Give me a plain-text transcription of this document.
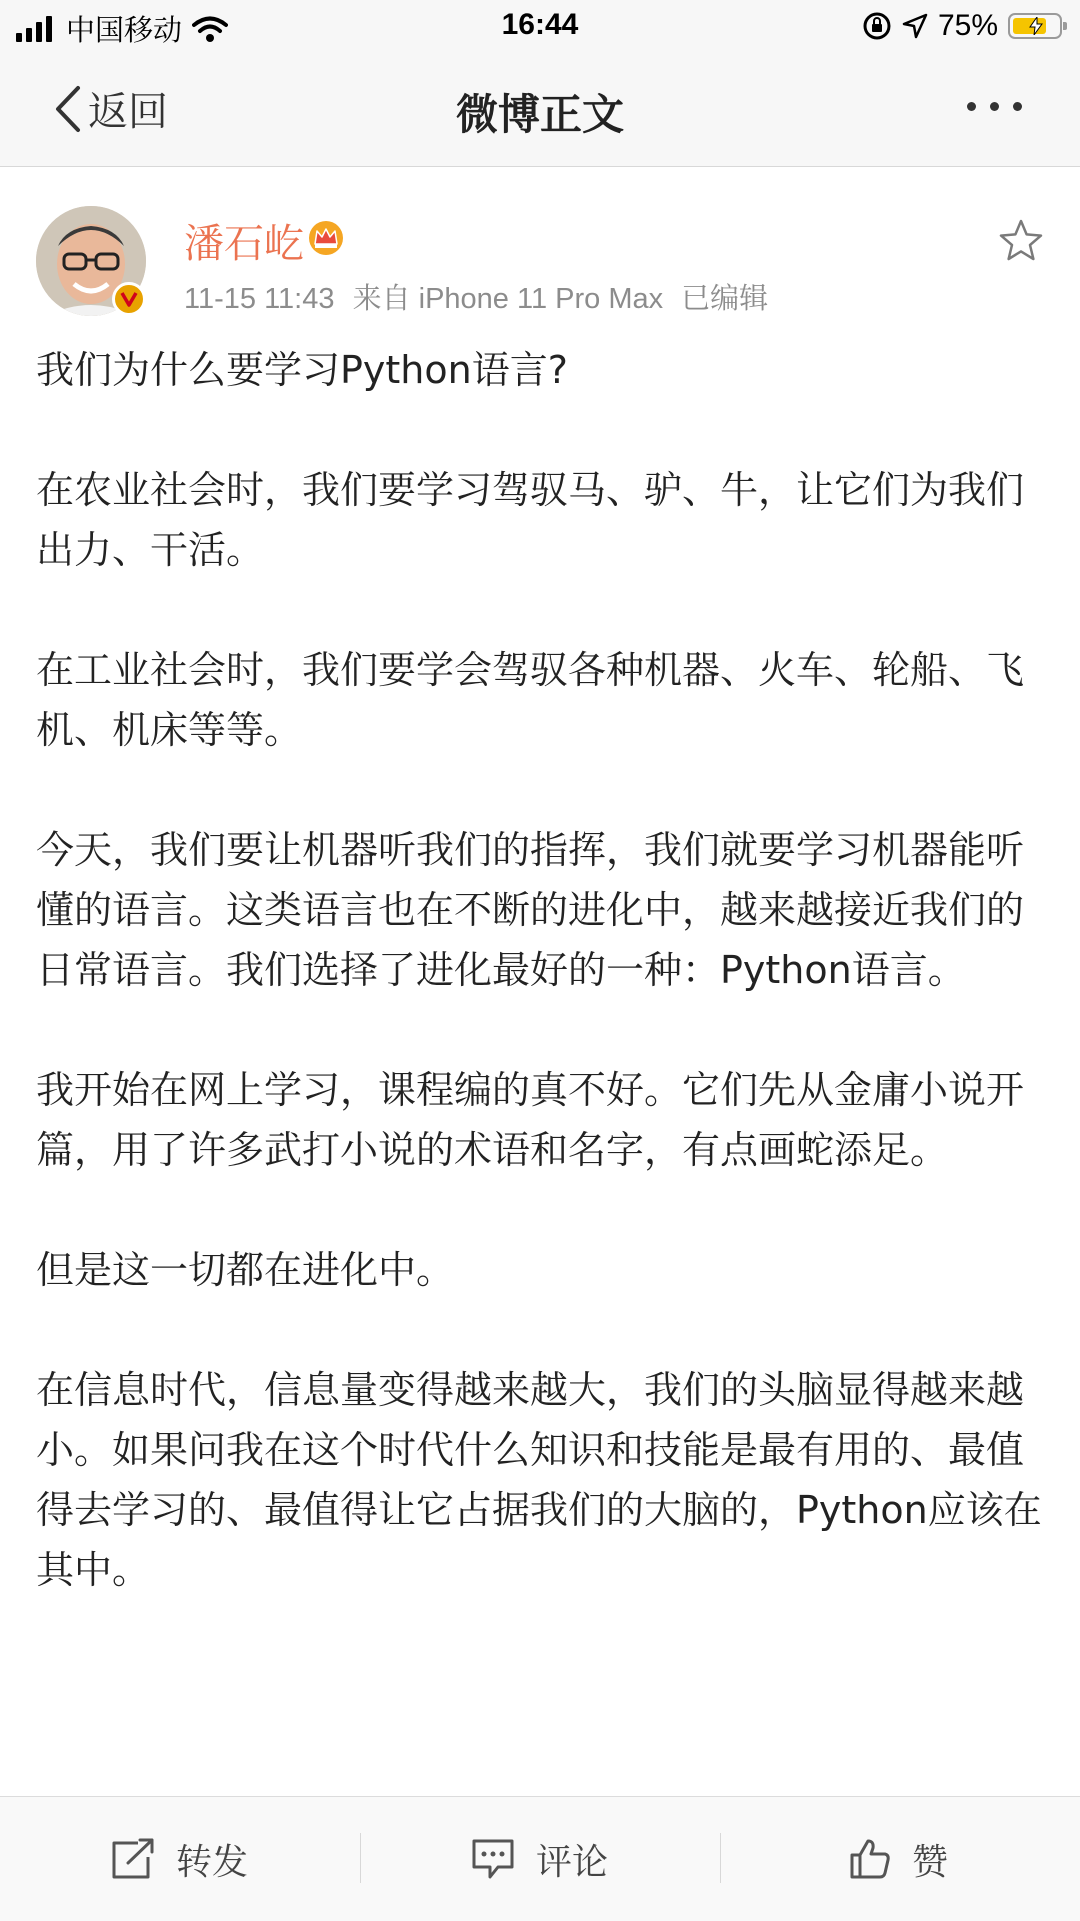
中国移动	16:44	75%
返回	微博正文
潘石屹
11-15 11:43 来自 iPhone 11 Pro Max 已编辑

我们为什么要学习Python语言?

在农业社会时，我们要学习驾驭马、驴、牛，让它们为我们出力、干活。

在工业社会时，我们要学会驾驭各种机器、火车、轮船、飞机、机床等等。

今天，我们要让机器听我们的指挥，我们就要学习机器能听懂的语言。这类语言也在不断的进化中，越来越接近我们的日常语言。我们选择了进化最好的一种：Python语言。

我开始在网上学习，课程编的真不好。它们先从金庸小说开篇，用了许多武打小说的术语和名字，有点画蛇添足。

但是这一切都在进化中。

在信息时代，信息量变得越来越大，我们的头脑显得越来越小。如果问我在这个时代什么知识和技能是最有用的、最值得去学习的、最值得让它占据我们的大脑的，Python应该在其中。

转发	评论	赞
